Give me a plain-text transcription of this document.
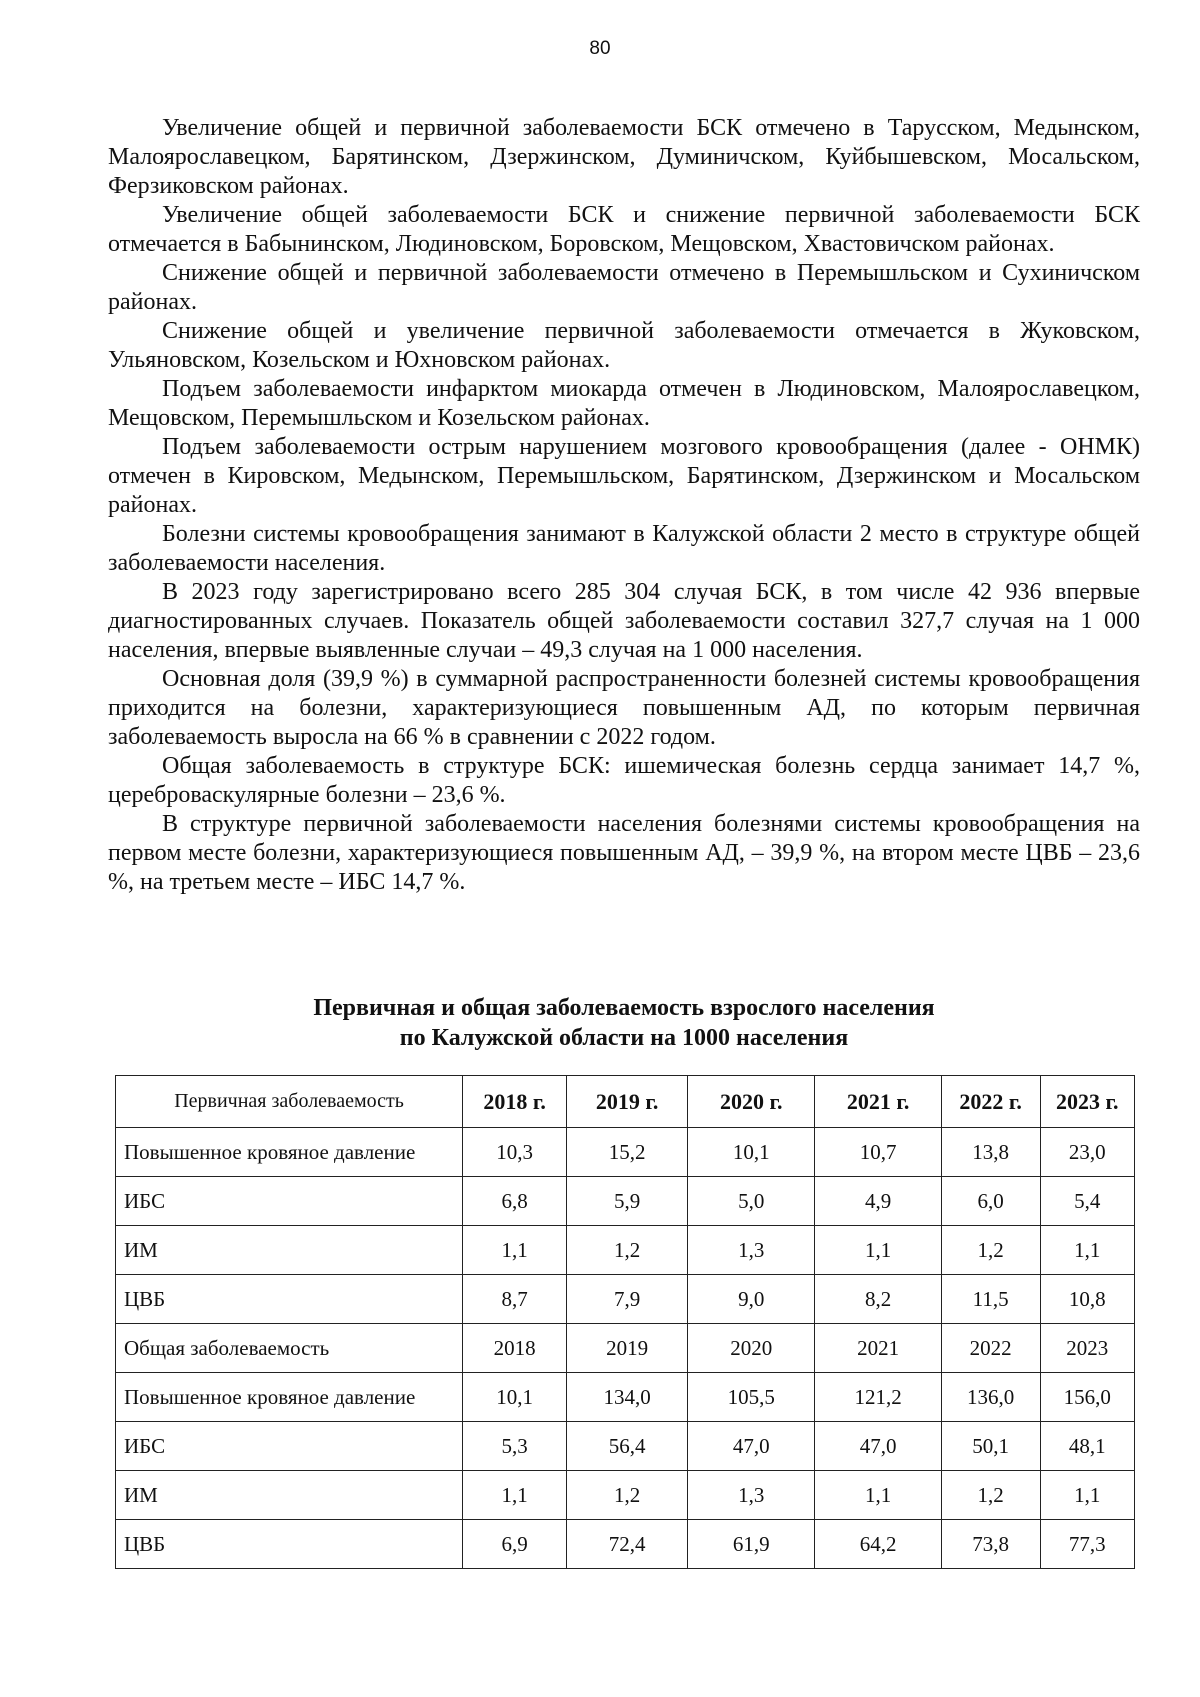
80

Увеличение общей и первичной заболеваемости БСК отмечено в Тарусском, Медынском, Малоярославецком, Барятинском, Дзержинском, Думиничском, Куйбышевском, Мосальском, Ферзиковском районах.

Увеличение общей заболеваемости БСК и снижение первичной заболеваемости БСК отмечается в Бабынинском, Людиновском, Боровском, Мещовском, Хвастовичском районах.

Снижение общей и первичной заболеваемости отмечено в Перемышльском и Сухиничском районах.

Снижение общей и увеличение первичной заболеваемости отмечается в Жуковском, Ульяновском, Козельском и Юхновском районах.

Подъем заболеваемости инфарктом миокарда отмечен в Людиновском, Малоярославецком, Мещовском, Перемышльском и Козельском районах.

Подъем заболеваемости острым нарушением мозгового кровообращения (далее - ОНМК) отмечен в Кировском, Медынском, Перемышльском, Барятинском, Дзержинском и Мосальском районах.

Болезни системы кровообращения занимают в Калужской области 2 место в структуре общей заболеваемости населения.

В 2023 году зарегистрировано всего 285 304 случая БСК, в том числе 42 936 впервые диагностированных случаев. Показатель общей заболеваемости составил 327,7 случая на 1 000 населения, впервые выявленные случаи – 49,3 случая на 1 000 населения.

Основная доля (39,9 %) в суммарной распространенности болезней системы кровообращения приходится на болезни, характеризующиеся повышенным АД, по которым первичная заболеваемость выросла на 66 % в сравнении с 2022 годом.

Общая заболеваемость в структуре БСК: ишемическая болезнь сердца занимает 14,7 %, цереброваскулярные болезни – 23,6 %.

В структуре первичной заболеваемости населения болезнями системы кровообращения на первом месте болезни, характеризующиеся повышенным АД, – 39,9 %, на втором месте ЦВБ – 23,6 %, на третьем месте – ИБС 14,7 %.

Первичная и общая заболеваемость взрослого населения
по Калужской области на 1000 населения
Первичная заболеваемость	2018 г.	2019 г.	2020 г.	2021 г.	2022 г.	2023 г.
Повышенное кровяное давление	10,3	15,2	10,1	10,7	13,8	23,0
ИБС	6,8	5,9	5,0	4,9	6,0	5,4
ИМ	1,1	1,2	1,3	1,1	1,2	1,1
ЦВБ	8,7	7,9	9,0	8,2	11,5	10,8
Общая заболеваемость	2018	2019	2020	2021	2022	2023
Повышенное кровяное давление	10,1	134,0	105,5	121,2	136,0	156,0
ИБС	5,3	56,4	47,0	47,0	50,1	48,1
ИМ	1,1	1,2	1,3	1,1	1,2	1,1
ЦВБ	6,9	72,4	61,9	64,2	73,8	77,3
